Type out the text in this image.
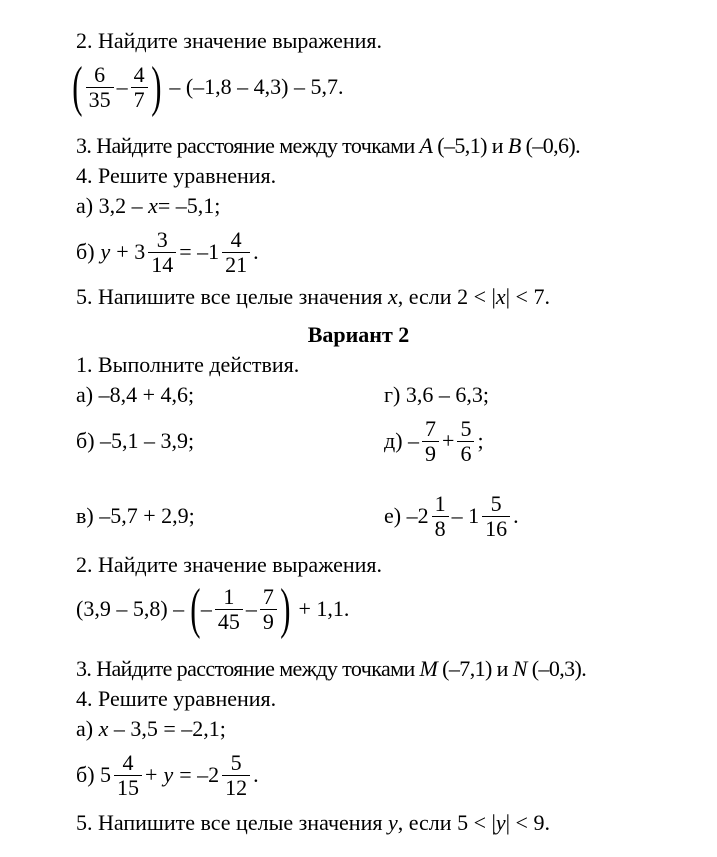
2. Найдите значение выражения.
( $\frac{6}{35} - \frac{4}{7}$ ) – (–1,8 – 4,3) – 5,7.
3. Найдите расстояние между точками A (–5,1) и B (–0,6).
4. Решите уравнения.
а) 3,2 – x= –5,1;
б) $y + 3 \frac{3}{14} = -1 \frac{4}{21}$ .
5. Напишите все целые значения x, если 2 < |x| < 7.
Вариант 2
1. Выполните действия.
а) –8,4 + 4,6;	г) 3,6 – 6,3;
б) –5,1 – 3,9;	$д) - \frac{7}{9} + \frac{5}{6}$ ;
в) –5,7 + 2,9;	е) $-2 \frac{1}{8} - 1 \frac{5}{16}$ .
2. Найдите значение выражения.
(3,9 – 5,8) – ( – $\frac{1}{45} - \frac{7}{9}$ ) + 1,1.
3. Найдите расстояние между точками M (–7,1) и N (–0,3).
4. Решите уравнения.
а) x – 3,5 = –2,1;
б) $5 \frac{4}{15} + y = -2 \frac{5}{12}$ .
5. Напишите все целые значения y, если 5 < |y| < 9.
